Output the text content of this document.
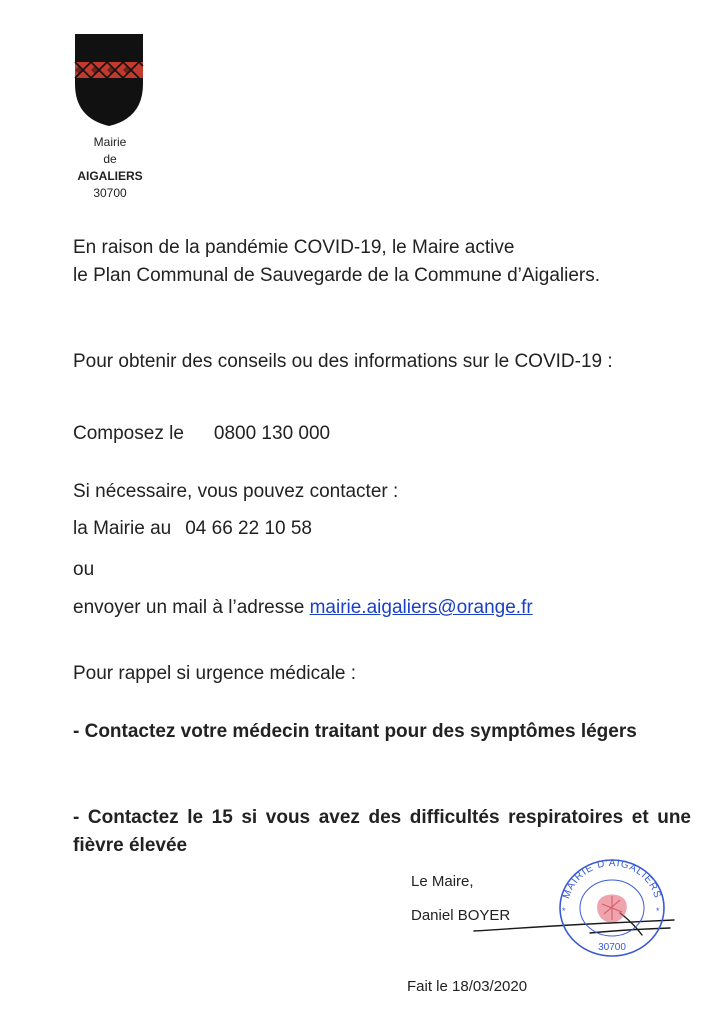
Mairie
de
AIGALIERS
30700

En raison de la pandémie COVID-19, le Maire active

le Plan Communal de Sauvegarde de la Commune d’Aigaliers.

Pour obtenir des conseils ou des informations sur le COVID-19 :

Composez le 0800 130 000

Si nécessaire, vous pouvez contacter :

la Mairie au 04 66 22 10 58

ou

envoyer un mail à l’adresse mairie.aigaliers@orange.fr

Pour rappel si urgence médicale :

- Contactez votre médecin traitant pour des symptômes légers

- Contactez le 15 si vous avez des difficultés respiratoires et une fièvre élevée

Le Maire,
Daniel BOYER
Fait le 18/03/2020
MAIRIE D'AIGALIERS
30700
*	*
